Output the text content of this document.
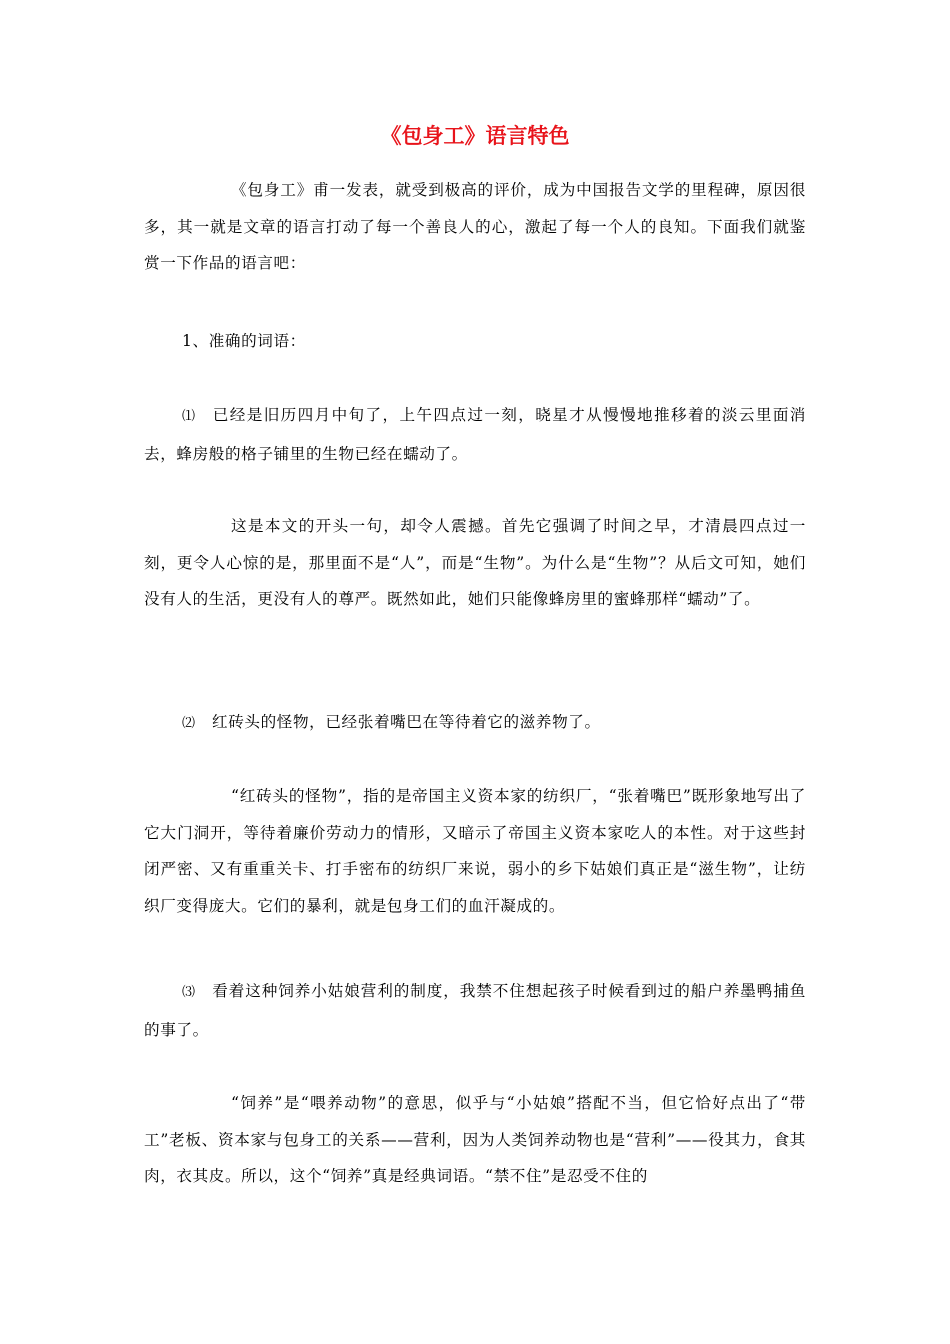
《包身工》语言特色
《包身工》甫一发表，就受到极高的评价，成为中国报告文学的里程碑，原因很多，其一就是文章的语言打动了每一个善良人的心，激起了每一个人的良知。下面我们就鉴赏一下作品的语言吧：
1、准确的词语：
⑴ 已经是旧历四月中旬了，上午四点过一刻，晓星才从慢慢地推移着的淡云里面消去，蜂房般的格子铺里的生物已经在蠕动了。
这是本文的开头一句，却令人震撼。首先它强调了时间之早，才清晨四点过一刻，更令人心惊的是，那里面不是“人”，而是“生物”。为什么是“生物”？从后文可知，她们没有人的生活，更没有人的尊严。既然如此，她们只能像蜂房里的蜜蜂那样“蠕动”了。
⑵ 红砖头的怪物，已经张着嘴巴在等待着它的滋养物了。
“红砖头的怪物”，指的是帝国主义资本家的纺织厂，“张着嘴巴”既形象地写出了它大门洞开，等待着廉价劳动力的情形，又暗示了帝国主义资本家吃人的本性。对于这些封闭严密、又有重重关卡、打手密布的纺织厂来说，弱小的乡下姑娘们真正是“滋生物”，让纺织厂变得庞大。它们的暴利，就是包身工们的血汗凝成的。
⑶ 看着这种饲养小姑娘营利的制度，我禁不住想起孩子时候看到过的船户养墨鸭捕鱼的事了。
“饲养”是“喂养动物”的意思，似乎与“小姑娘”搭配不当，但它恰好点出了“带工”老板、资本家与包身工的关系——营利，因为人类饲养动物也是“营利”——役其力，食其肉，衣其皮。所以，这个“饲养”真是经典词语。“禁不住”是忍受不住的
